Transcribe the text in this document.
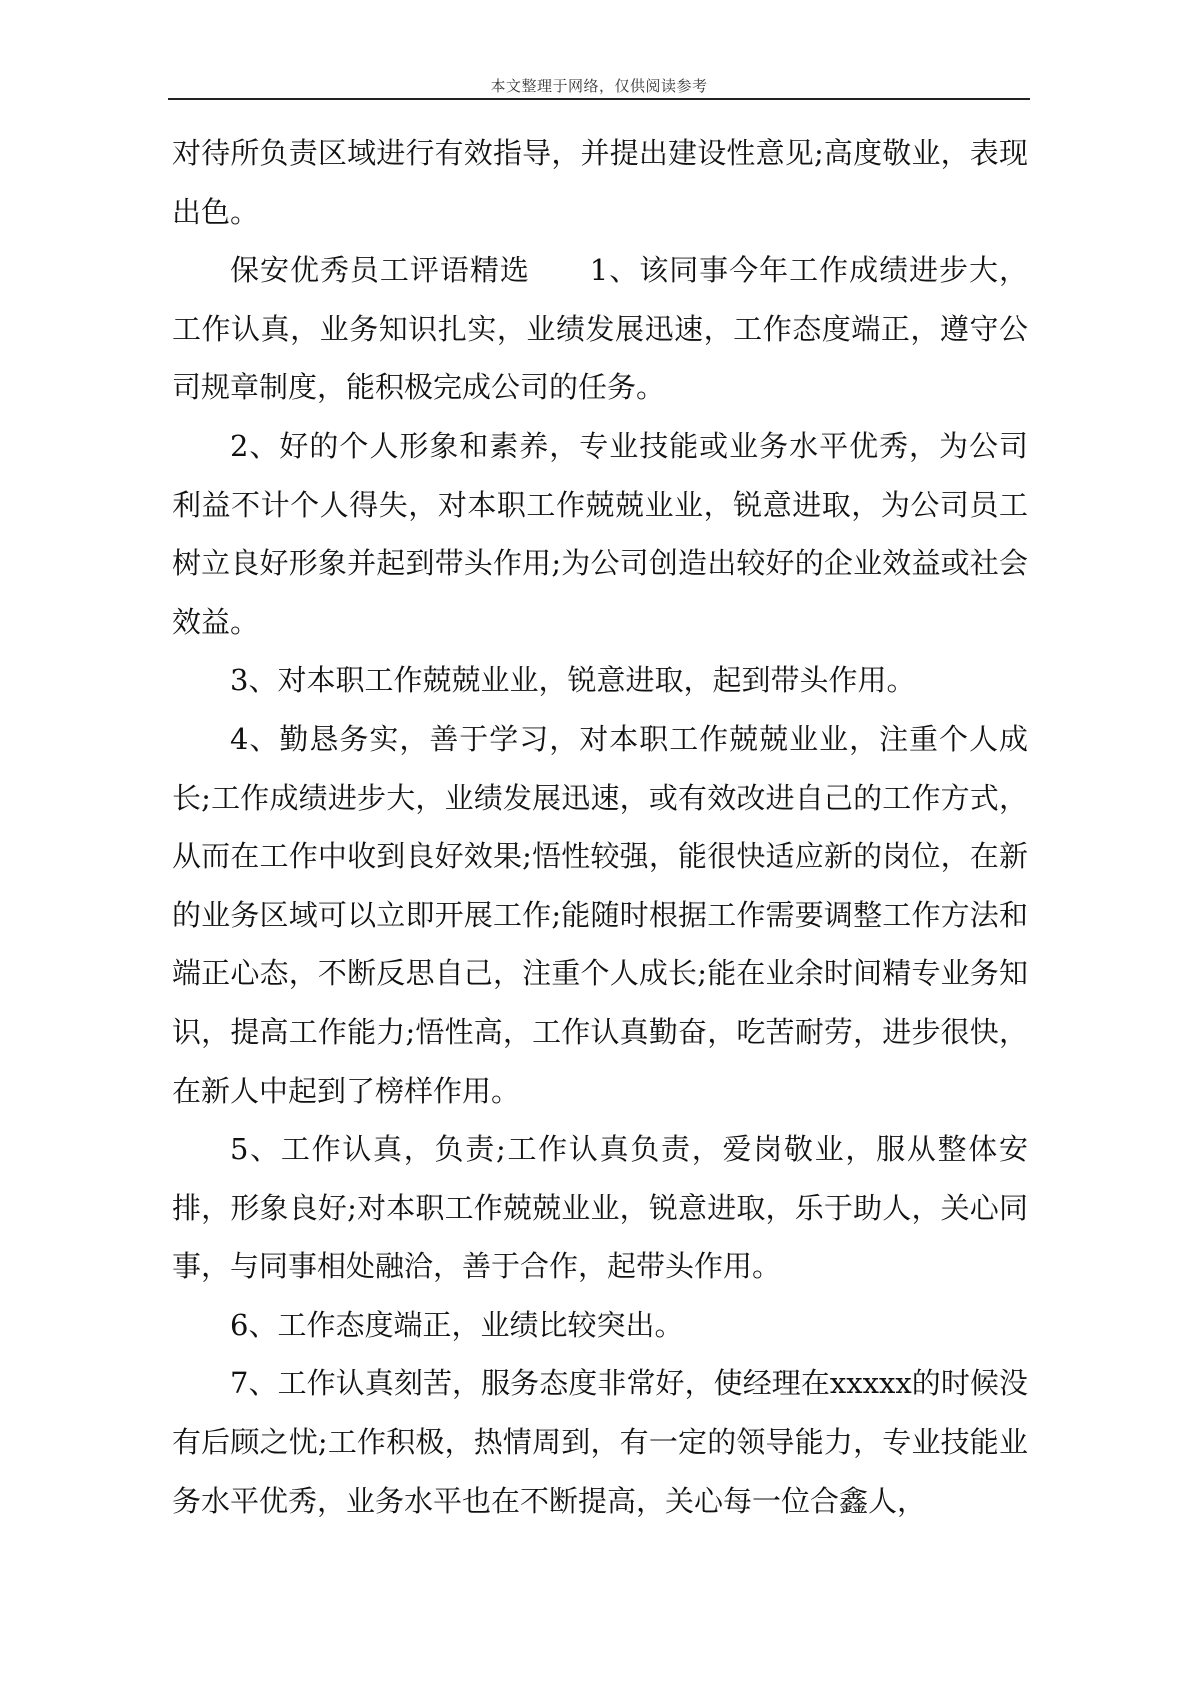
本文整理于网络，仅供阅读参考

对待所负责区域进行有效指导，并提出建设性意见;高度敬业，表现出色。

保安优秀员工评语精选　　1、该同事今年工作成绩进步大，工作认真，业务知识扎实，业绩发展迅速，工作态度端正，遵守公司规章制度，能积极完成公司的任务。

2、好的个人形象和素养，专业技能或业务水平优秀，为公司利益不计个人得失，对本职工作兢兢业业，锐意进取，为公司员工树立良好形象并起到带头作用;为公司创造出较好的企业效益或社会效益。

3、对本职工作兢兢业业，锐意进取，起到带头作用。

4、勤恳务实，善于学习，对本职工作兢兢业业，注重个人成长;工作成绩进步大，业绩发展迅速，或有效改进自己的工作方式，从而在工作中收到良好效果;悟性较强，能很快适应新的岗位，在新的业务区域可以立即开展工作;能随时根据工作需要调整工作方法和端正心态，不断反思自己，注重个人成长;能在业余时间精专业务知识，提高工作能力;悟性高，工作认真勤奋，吃苦耐劳，进步很快，在新人中起到了榜样作用。

5、工作认真，负责;工作认真负责，爱岗敬业，服从整体安排，形象良好;对本职工作兢兢业业，锐意进取，乐于助人，关心同事，与同事相处融洽，善于合作，起带头作用。

6、工作态度端正，业绩比较突出。

7、工作认真刻苦，服务态度非常好，使经理在xxxxx的时候没有后顾之忧;工作积极，热情周到，有一定的领导能力，专业技能业务水平优秀，业务水平也在不断提高，关心每一位合鑫人，
